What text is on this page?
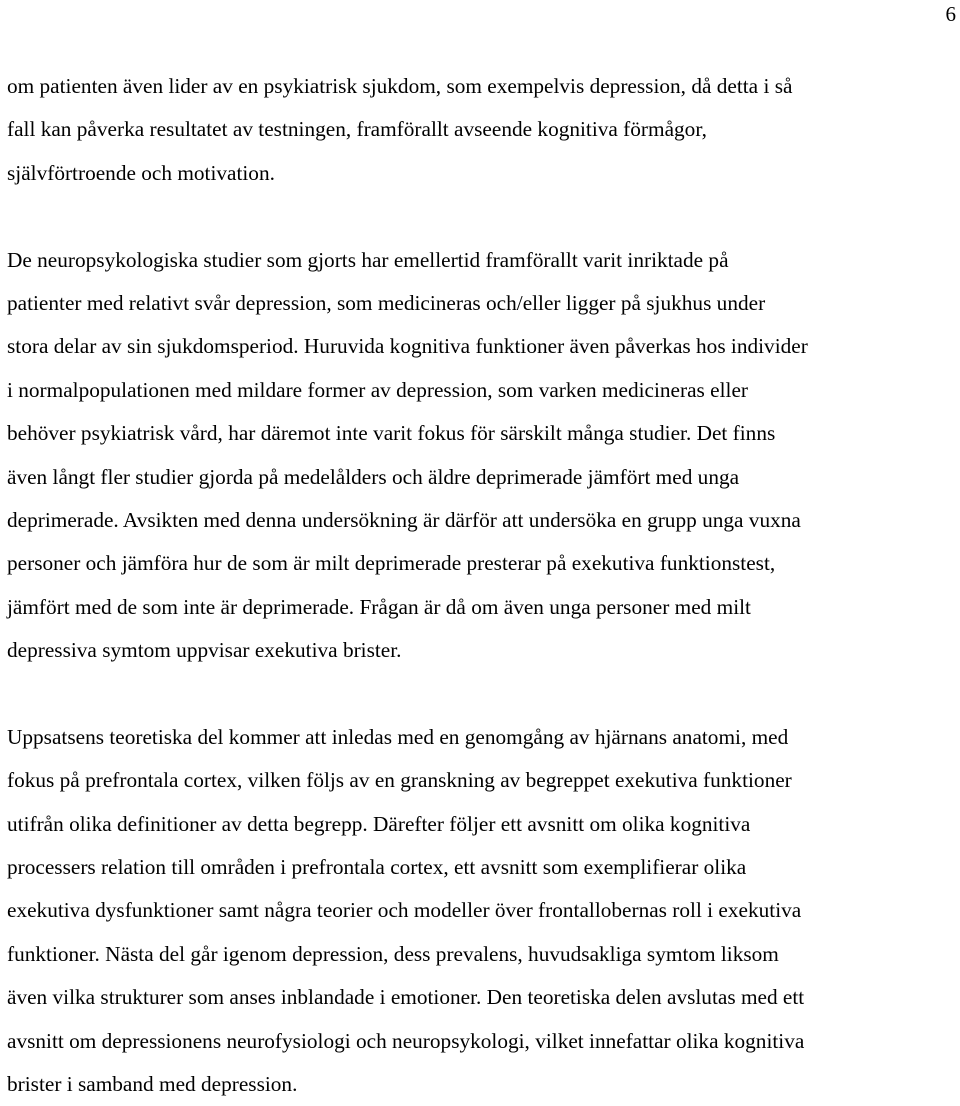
6

om patienten även lider av en psykiatrisk sjukdom, som exempelvis depression, då detta i så
fall kan påverka resultatet av testningen, framförallt avseende kognitiva förmågor,
självförtroende och motivation.

De neuropsykologiska studier som gjorts har emellertid framförallt varit inriktade på
patienter med relativt svår depression, som medicineras och/eller ligger på sjukhus under
stora delar av sin sjukdomsperiod. Huruvida kognitiva funktioner även påverkas hos individer
i normalpopulationen med mildare former av depression, som varken medicineras eller
behöver psykiatrisk vård, har däremot inte varit fokus för särskilt många studier. Det finns
även långt fler studier gjorda på medelålders och äldre deprimerade jämfört med unga
deprimerade. Avsikten med denna undersökning är därför att undersöka en grupp unga vuxna
personer och jämföra hur de som är milt deprimerade presterar på exekutiva funktionstest,
jämfört med de som inte är deprimerade. Frågan är då om även unga personer med milt
depressiva symtom uppvisar exekutiva brister.

Uppsatsens teoretiska del kommer att inledas med en genomgång av hjärnans anatomi, med
fokus på prefrontala cortex, vilken följs av en granskning av begreppet exekutiva funktioner
utifrån olika definitioner av detta begrepp. Därefter följer ett avsnitt om olika kognitiva
processers relation till områden i prefrontala cortex, ett avsnitt som exemplifierar olika
exekutiva dysfunktioner samt några teorier och modeller över frontallobernas roll i exekutiva
funktioner. Nästa del går igenom depression, dess prevalens, huvudsakliga symtom liksom
även vilka strukturer som anses inblandade i emotioner. Den teoretiska delen avslutas med ett
avsnitt om depressionens neurofysiologi och neuropsykologi, vilket innefattar olika kognitiva
brister i samband med depression.
